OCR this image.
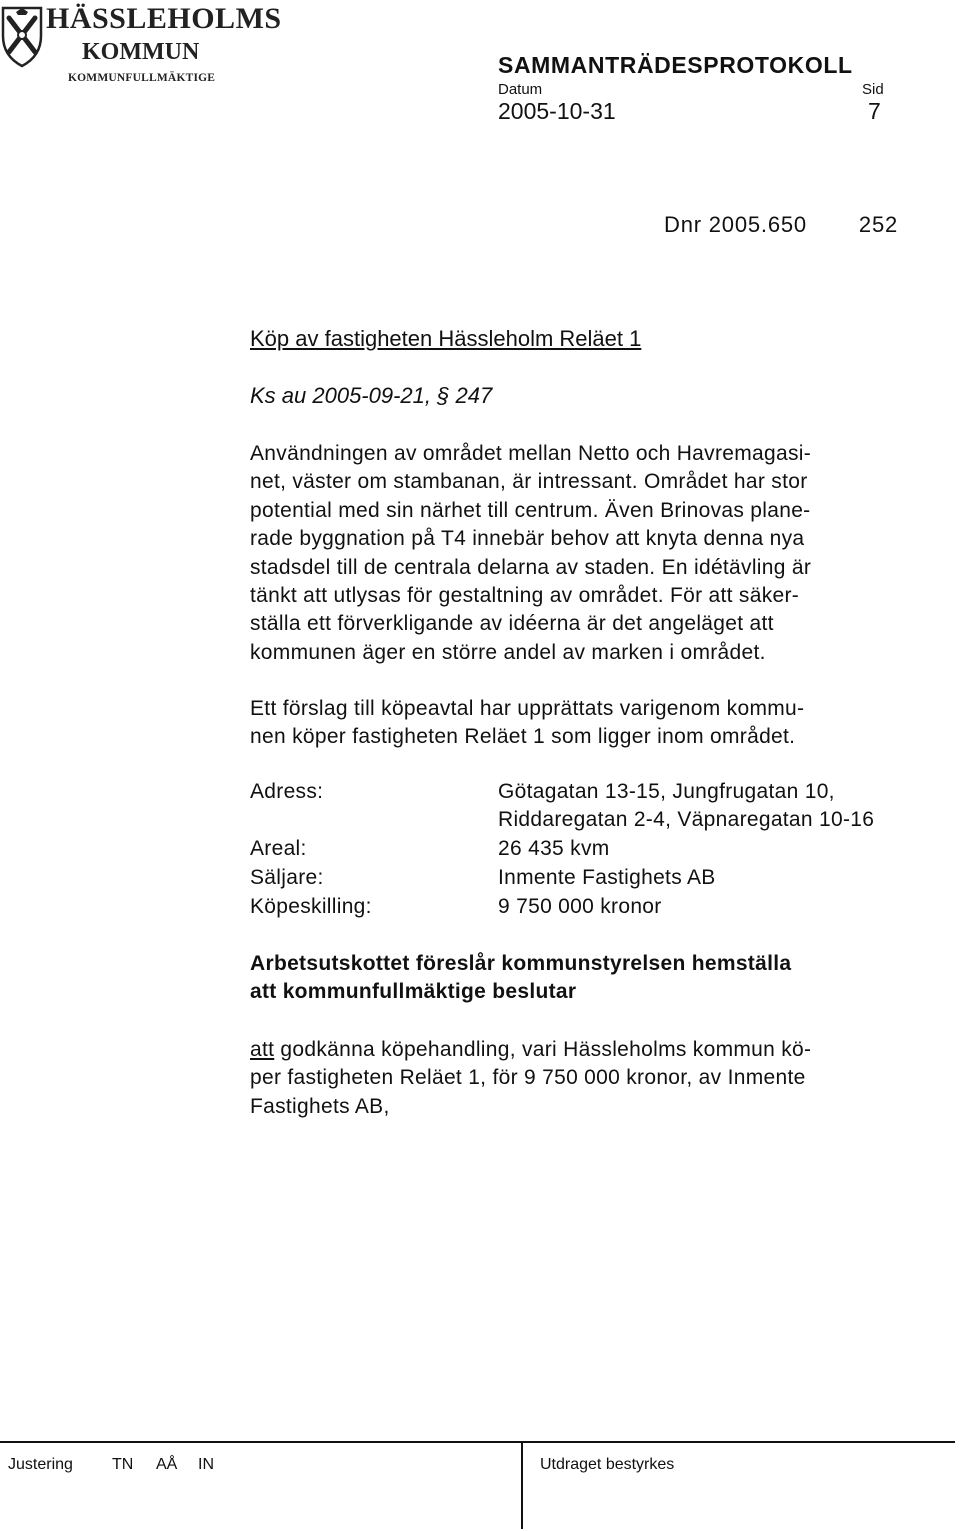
HÄSSLEHOLMS
KOMMUN
KOMMUNFULLMÄKTIGE	SAMMANTRÄDESPROTOKOLL
Datum	Sid
2005-10-31	7
Dnr 2005.650 252
Köp av fastigheten Hässleholm Reläet 1
Ks au 2005-09-21, § 247
Användningen av området mellan Netto och Havremagasi-
net, väster om stambanan, är intressant. Området har stor
potential med sin närhet till centrum. Även Brinovas plane-
rade byggnation på T4 innebär behov att knyta denna nya
stadsdel till de centrala delarna av staden. En idétävling är
tänkt att utlysas för gestaltning av området. För att säker-
ställa ett förverkligande av idéerna är det angeläget att
kommunen äger en större andel av marken i området.
Ett förslag till köpeavtal har upprättats varigenom kommu-
nen köper fastigheten Reläet 1 som ligger inom området.
Adress:	Götagatan 13-15, Jungfrugatan 10,
Riddaregatan 2-4, Väpnaregatan 10-16
Areal:	26 435 kvm
Säljare:	Inmente Fastighets AB
Köpeskilling:	9 750 000 kronor
Arbetsutskottet föreslår kommunstyrelsen hemställa
att kommunfullmäktige beslutar
att godkänna köpehandling, vari Hässleholms kommun kö-
per fastigheten Reläet 1, för 9 750 000 kronor, av Inmente
Fastighets AB,
Justering TN AÅ IN	Utdraget bestyrkes
